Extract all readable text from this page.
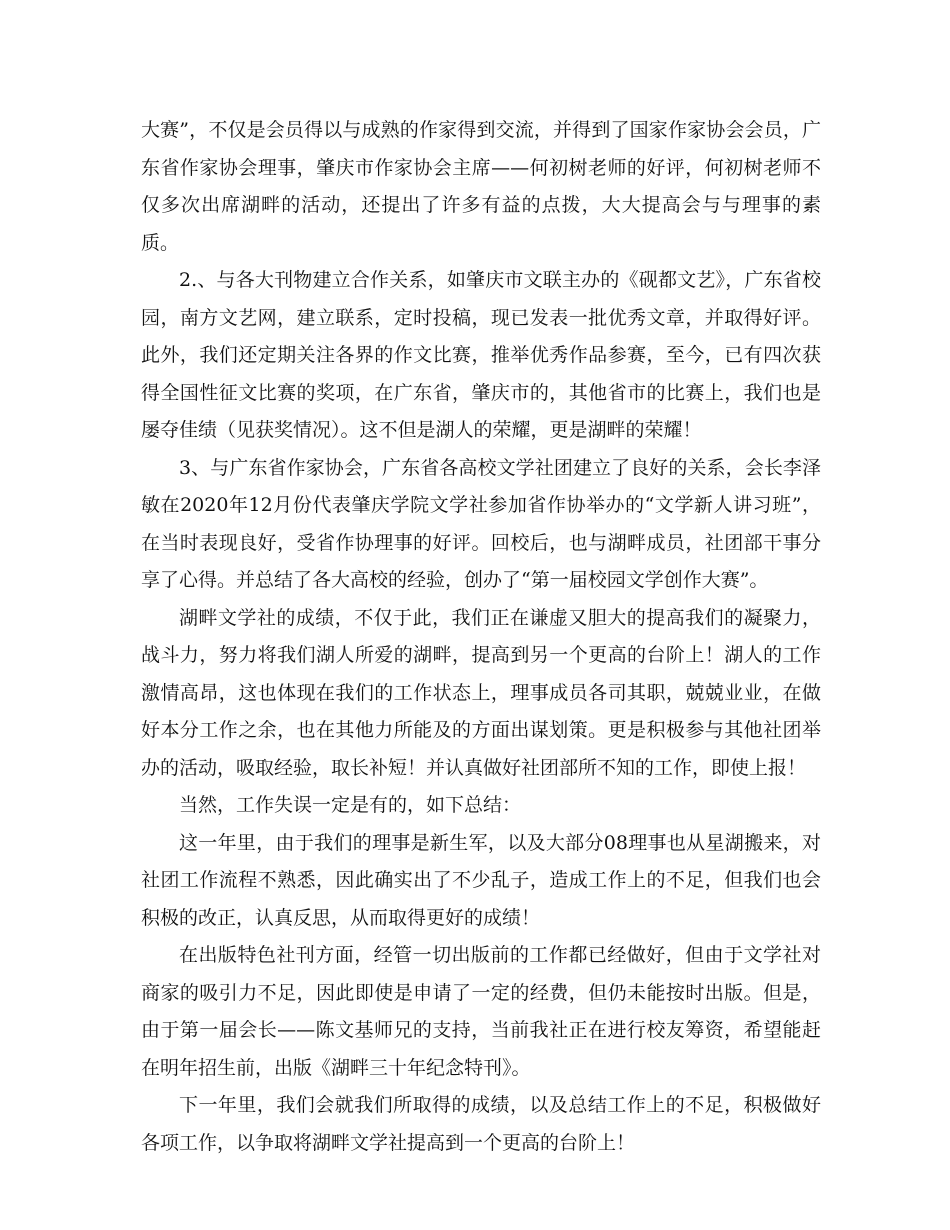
大赛”，不仅是会员得以与成熟的作家得到交流，并得到了国家作家协会会员，广东省作家协会理事，肇庆市作家协会主席——何初树老师的好评，何初树老师不仅多次出席湖畔的活动，还提出了许多有益的点拨，大大提高会与与理事的素质。

2.、与各大刊物建立合作关系，如肇庆市文联主办的《砚都文艺》，广东省校园，南方文艺网，建立联系，定时投稿，现已发表一批优秀文章，并取得好评。此外，我们还定期关注各界的作文比赛，推举优秀作品参赛，至今，已有四次获得全国性征文比赛的奖项，在广东省，肇庆市的，其他省市的比赛上，我们也是屡夺佳绩（见获奖情况）。这不但是湖人的荣耀，更是湖畔的荣耀！

3、与广东省作家协会，广东省各高校文学社团建立了良好的关系，会长李泽敏在2020年12月份代表肇庆学院文学社参加省作协举办的“文学新人讲习班”，在当时表现良好，受省作协理事的好评。回校后，也与湖畔成员，社团部干事分享了心得。并总结了各大高校的经验，创办了“第一届校园文学创作大赛”。

湖畔文学社的成绩，不仅于此，我们正在谦虚又胆大的提高我们的凝聚力，战斗力，努力将我们湖人所爱的湖畔，提高到另一个更高的台阶上！湖人的工作激情高昂，这也体现在我们的工作状态上，理事成员各司其职，兢兢业业，在做好本分工作之余，也在其他力所能及的方面出谋划策。更是积极参与其他社团举办的活动，吸取经验，取长补短！并认真做好社团部所不知的工作，即使上报！

当然，工作失误一定是有的，如下总结：

这一年里，由于我们的理事是新生军，以及大部分08理事也从星湖搬来，对社团工作流程不熟悉，因此确实出了不少乱子，造成工作上的不足，但我们也会积极的改正，认真反思，从而取得更好的成绩！

在出版特色社刊方面，经管一切出版前的工作都已经做好，但由于文学社对商家的吸引力不足，因此即使是申请了一定的经费，但仍未能按时出版。但是，由于第一届会长——陈文基师兄的支持，当前我社正在进行校友筹资，希望能赶在明年招生前，出版《湖畔三十年纪念特刊》。

下一年里，我们会就我们所取得的成绩，以及总结工作上的不足，积极做好各项工作，以争取将湖畔文学社提高到一个更高的台阶上！
